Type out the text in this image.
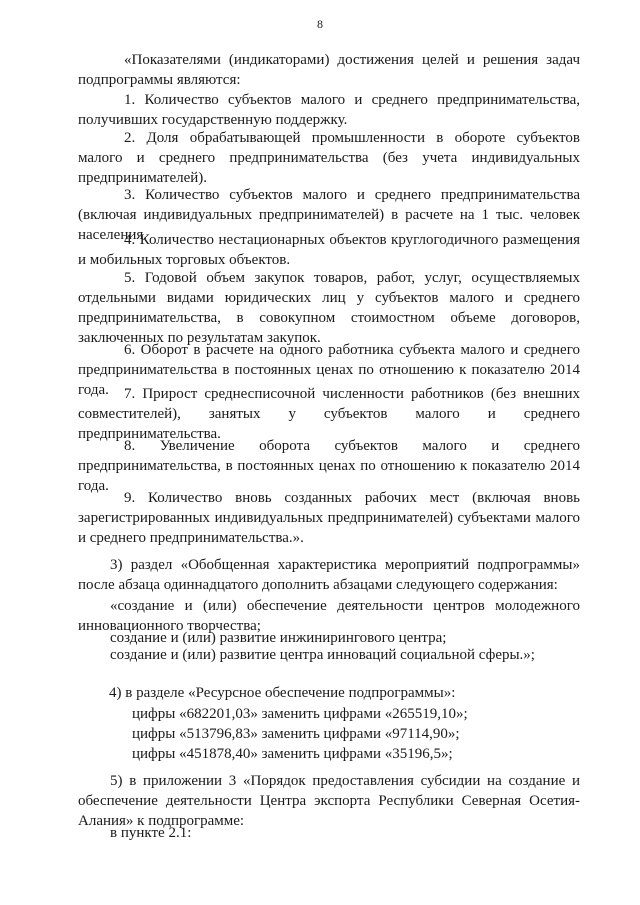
8

«Показателями (индикаторами) достижения целей и решения задач подпрограммы являются:

1. Количество субъектов малого и среднего предпринимательства, получивших государственную поддержку.

2. Доля обрабатывающей промышленности в обороте субъектов малого и среднего предпринимательства (без учета индивидуальных предпринимателей).

3. Количество субъектов малого и среднего предпринимательства (включая индивидуальных предпринимателей) в расчете на 1 тыс. человек населения.

4. Количество нестационарных объектов круглогодичного размещения и мобильных торговых объектов.

5. Годовой объем закупок товаров, работ, услуг, осуществляемых отдельными видами юридических лиц у субъектов малого и среднего предпринимательства, в совокупном стоимостном объеме договоров, заключенных по результатам закупок.

6. Оборот в расчете на одного работника субъекта малого и среднего предпринимательства в постоянных ценах по отношению к показателю 2014 года.	7. Прирост среднесписочной численности работников (без внешних совместителей), занятых у субъектов малого и среднего предпринимательства.

8. Увеличение оборота субъектов малого и среднего предпринимательства, в постоянных ценах по отношению к показателю 2014 года.

9. Количество вновь созданных рабочих мест (включая вновь зарегистрированных индивидуальных предпринимателей) субъектами малого и среднего предпринимательства.».

3) раздел «Обобщенная характеристика мероприятий подпрограммы» после абзаца одиннадцатого дополнить абзацами следующего содержания:

«создание и (или) обеспечение деятельности центров молодежного инновационного творчества;

создание и (или) развитие инжинирингового центра;

создание и (или) развитие центра инноваций социальной сферы.»;

4) в разделе «Ресурсное обеспечение подпрограммы»:

цифры «682201,03» заменить цифрами «265519,10»;

цифры «513796,83» заменить цифрами «97114,90»;

цифры «451878,40» заменить цифрами «35196,5»;

5) в приложении 3 «Порядок предоставления субсидии на создание и обеспечение деятельности Центра экспорта Республики Северная Осетия-Алания» к подпрограмме:

в пункте 2.1:
